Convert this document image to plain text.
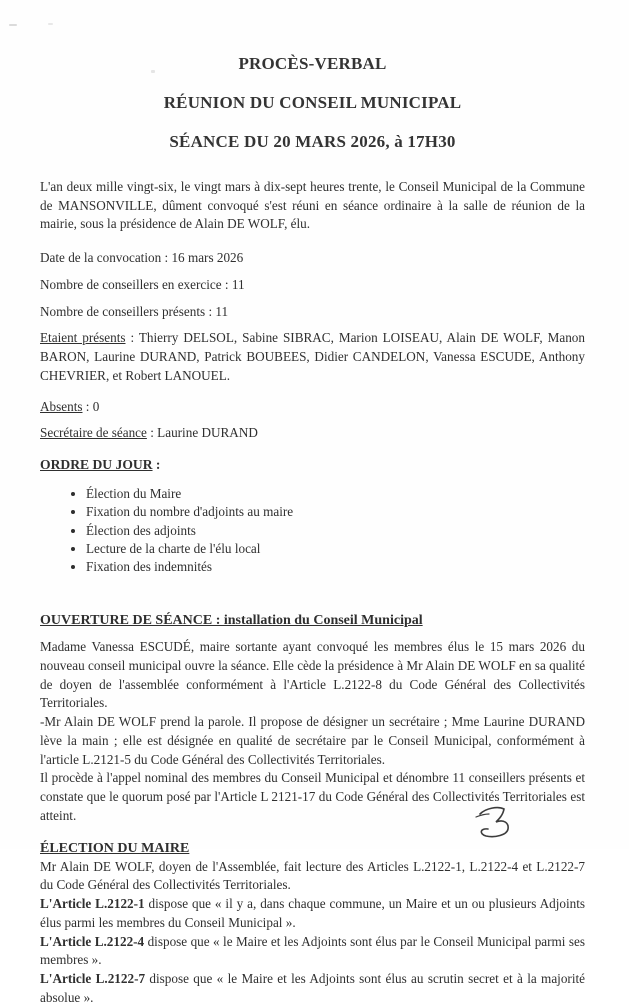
PROCÈS-VERBAL
RÉUNION DU CONSEIL MUNICIPAL
SÉANCE DU 20 MARS 2026, à 17H30

L'an deux mille vingt-six, le vingt mars à dix-sept heures trente, le Conseil Municipal de la Commune de MANSONVILLE, dûment convoqué s'est réuni en séance ordinaire à la salle de réunion de la mairie, sous la présidence de Alain DE WOLF, élu.

Date de la convocation : 16 mars 2026

Nombre de conseillers en exercice : 11

Nombre de conseillers présents : 11

Etaient présents : Thierry DELSOL, Sabine SIBRAC, Marion LOISEAU, Alain DE WOLF, Manon BARON, Laurine DURAND, Patrick BOUBEES, Didier CANDELON, Vanessa ESCUDE, Anthony CHEVRIER, et Robert LANOUEL.

Absents : 0

Secrétaire de séance : Laurine DURAND

ORDRE DU JOUR :

• Élection du Maire
• Fixation du nombre d'adjoints au maire
• Élection des adjoints
• Lecture de la charte de l'élu local
• Fixation des indemnités
OUVERTURE DE SÉANCE : installation du Conseil Municipal

Madame Vanessa ESCUDÉ, maire sortante ayant convoqué les membres élus le 15 mars 2026 du nouveau conseil municipal ouvre la séance. Elle cède la présidence à Mr Alain DE WOLF en sa qualité de doyen de l'assemblée conformément à l'Article L.2122-8 du Code Général des Collectivités Territoriales.

-Mr Alain DE WOLF prend la parole. Il propose de désigner un secrétaire ; Mme Laurine DURAND lève la main ; elle est désignée en qualité de secrétaire par le Conseil Municipal, conformément à l'article L.2121-5 du Code Général des Collectivités Territoriales.

Il procède à l'appel nominal des membres du Conseil Municipal et dénombre 11 conseillers présents et constate que le quorum posé par l'Article L 2121-17 du Code Général des Collectivités Territoriales est atteint.

ÉLECTION DU MAIRE

Mr Alain DE WOLF, doyen de l'Assemblée, fait lecture des Articles L.2122-1, L.2122-4 et L.2122-7 du Code Général des Collectivités Territoriales.

L'Article L.2122-1 dispose que « il y a, dans chaque commune, un Maire et un ou plusieurs Adjoints élus parmi les membres du Conseil Municipal ».

L'Article L.2122-4 dispose que « le Maire et les Adjoints sont élus par le Conseil Municipal parmi ses membres ».

L'Article L.2122-7 dispose que « le Maire et les Adjoints sont élus au scrutin secret et à la majorité absolue ».
